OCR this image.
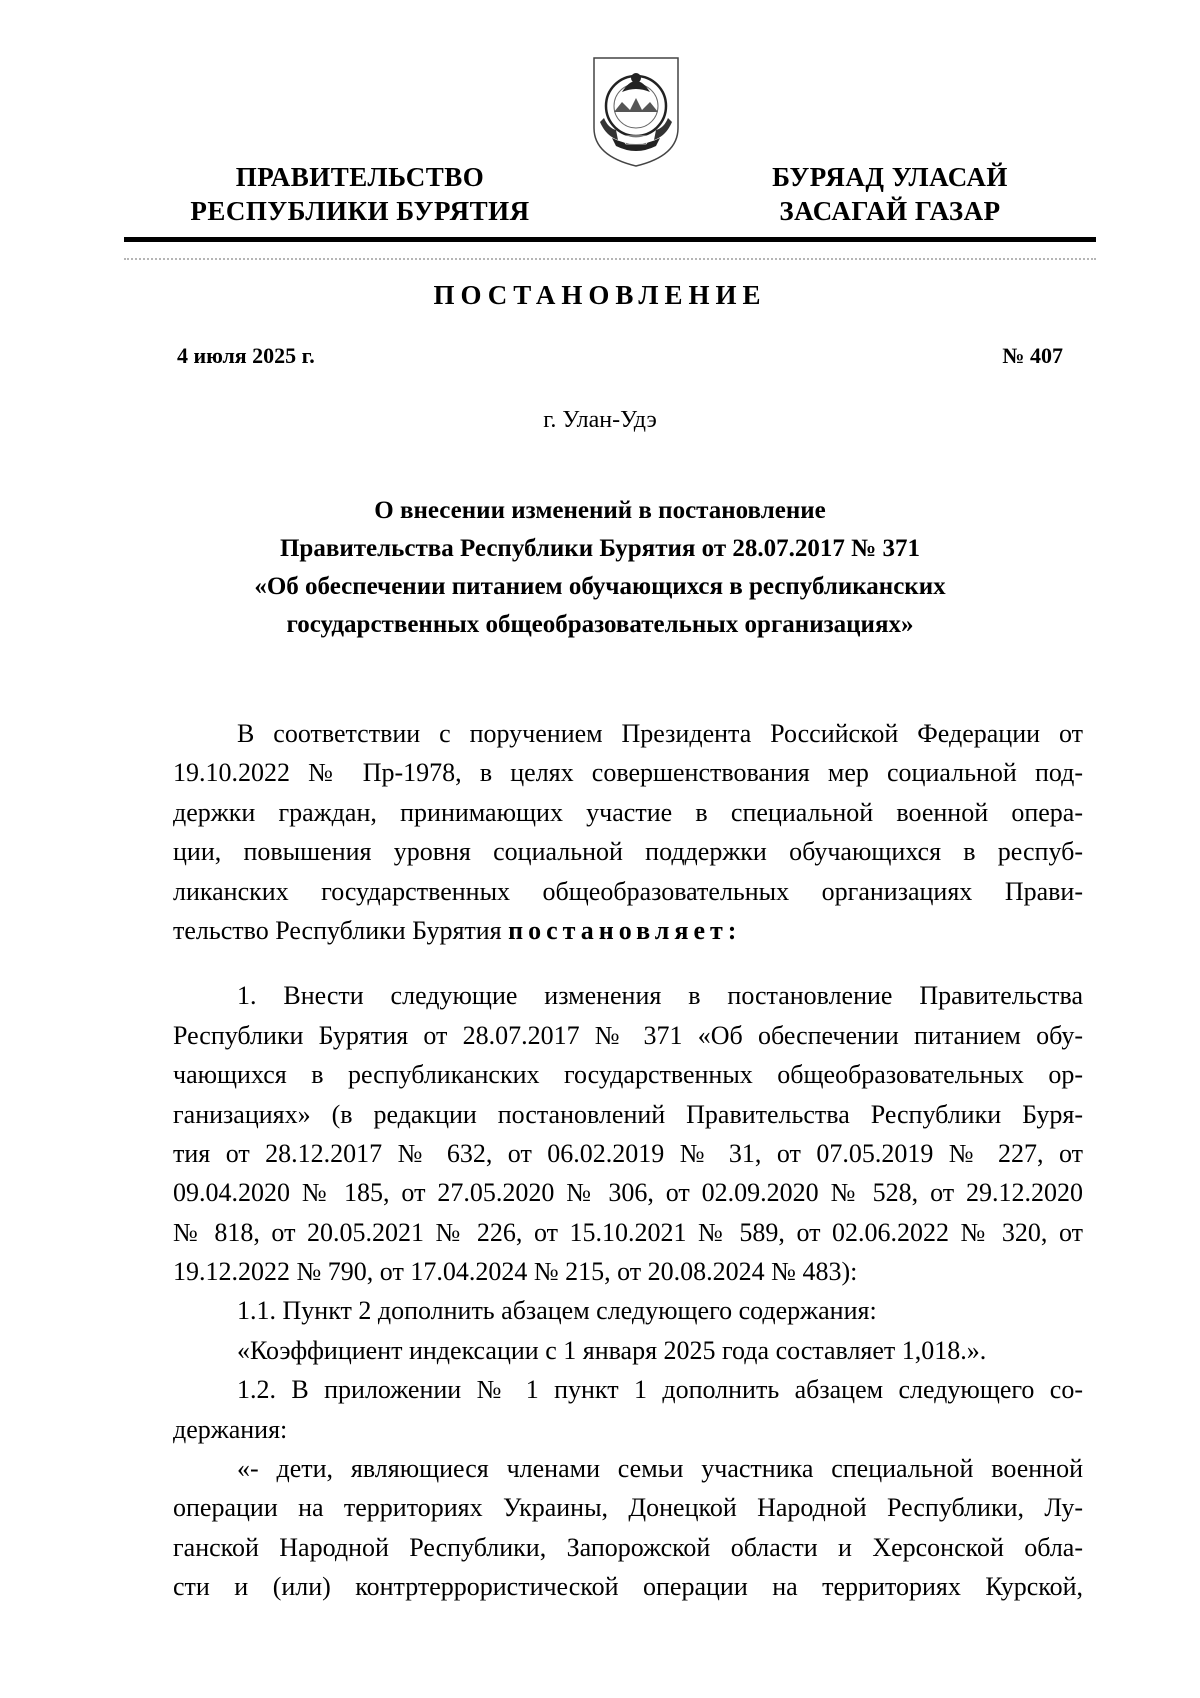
ПРАВИТЕЛЬСТВО
РЕСПУБЛИКИ БУРЯТИЯ
БУРЯАД УЛАСАЙ
ЗАСАГАЙ ГАЗАР
ПОСТАНОВЛЕНИЕ
4 июля 2025 г.	№ 407
г. Улан-Удэ
О внесении изменений в постановление
Правительства Республики Бурятия от 28.07.2017 № 371
«Об обеспечении питанием обучающихся в республиканских
государственных общеобразовательных организациях»
В соответствии с поручением Президента Российской Федерации от
19.10.2022 № Пр-1978, в целях совершенствования мер социальной под-
держки граждан, принимающих участие в специальной военной опера-
ции, повышения уровня социальной поддержки обучающихся в респуб-
ликанских государственных общеобразовательных организациях Прави-
тельство Республики Бурятия постановляет:
1. Внести следующие изменения в постановление Правительства
Республики Бурятия от 28.07.2017 № 371 «Об обеспечении питанием обу-
чающихся в республиканских государственных общеобразовательных ор-
ганизациях» (в редакции постановлений Правительства Республики Буря-
тия от 28.12.2017 № 632, от 06.02.2019 № 31, от 07.05.2019 № 227, от
09.04.2020 № 185, от 27.05.2020 № 306, от 02.09.2020 № 528, от 29.12.2020
№ 818, от 20.05.2021 № 226, от 15.10.2021 № 589, от 02.06.2022 № 320, от
19.12.2022 № 790, от 17.04.2024 № 215, от 20.08.2024 № 483):
1.1. Пункт 2 дополнить абзацем следующего содержания:
«Коэффициент индексации с 1 января 2025 года составляет 1,018.».
1.2. В приложении № 1 пункт 1 дополнить абзацем следующего со-
держания:
«- дети, являющиеся членами семьи участника специальной военной
операции на территориях Украины, Донецкой Народной Республики, Лу-
ганской Народной Республики, Запорожской области и Херсонской обла-
сти и (или) контртеррористической операции на территориях Курской,
